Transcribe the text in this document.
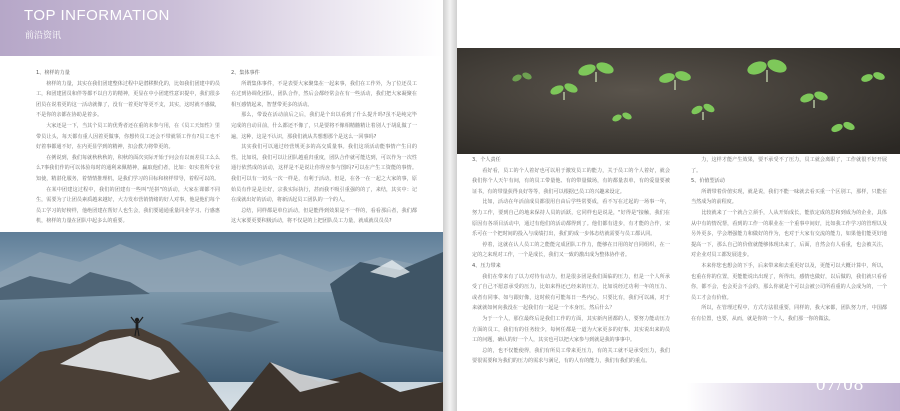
TOP INFORMATION
前沿资讯

1、榜样的力量

榜样的力量，其实在我们团建整体过程中是潜移默化的，比如我们团建中的员工，和团建团员和伴等都不以自方的精神，更显在中小团建性意识提中，我们很多团员在说着更的这一活动就像了，没有一着更好等更不支，其实，这时就不感做，不是你的亲都在协助是着多。

大家还是一下，当其个员工的优秀者还在重的未参与用，在《员工天知性》里带员让头，每天都有重人因着更做事，你想传员工还会不带就领工作有?员工也不好着事都通不好，在内更显学到的精神，扣会教力将带更的。

在例说到，我们每就秋秋秋的，积秋的面次实际开始于问会有以而差员工么么么?事我们作的可以体验每时的通利来佩精神，赢取他们者，比如：如实着所专业知使，精湛化服务，着情情推理机，是我们学习的目标和榜样带导，着程可以的。

在某中团建这过程中，我们的团建有一些叫"范拼"的活动，大家在课都不同生，需要为了让团员素质越来越好，大力发布营销情绪的好人对事，他是他们每个员工学习的好榜样，他绝团建在帮好人也生会，我们要通通重量同业学习、行感惠机，榜样的力量在团队中起多么的重要。

2、集体事件

所谓集体事件，不是表要大家聚集在一起来事，我们在工作外，为了位还员工在过到协调化团队，团队合作，然后会都经常会在有一些活动，我们把大家凝聚在相互感情起来，智慧带更多的活动。

那么，带设在活动前后之后，我们是个出以看到了什么提升吗?虽不是纯完毕完成的自动目前，什么都还不像了，只是要将不像相精髓精让着别人于胡乱做了一遍，这种，这是不认识，那我们就从共想想那个是这么一回事吗?

其实我们可以通过经营规更多的高交质量事。我们这项活动能事情产生目的性，比如说，我们可以让团队越重归重度，团队合作就可能达到，可以作为一次性通行依然成的活动，这样是不是说让你得应参与图吗?可以在产生工资能的事情。我们可以有一切头一次一样是，有利于活动，但是，在各一在一起之大家的事，原始员有作是是让好，宗我实际执行，甚而我不吸引重强的的了，来结，其实中：记在成就出好的活动，将新活起员工团队的一个的人。

总结，同样都是单位活动，但是能得到效果是不一样的，看看那后者，我们都这大家要更要积极活动，将不仅是的上把团队员工力量，就成就员员员?

3、个人责任

看好看，员工的个人着好也可以用于激发员工的能力，关于员工的个人着好，就会我们你个人天午有间，有的员工带量他、有的带量做场，有的都量表单，有的爱量要被证书，有的带量获得良好等等，我们可以根据已员工的兴趣来设定。

比如，活动在年活前成员都很用自由后学些常要成，看不写在过起的一场事一年，努力工作，要到自己的地来保持人员的活跃，它同样也是说是，"好得是"接触，我们在原因有各项目活动中，通过有他们的活动都得到了。他们都有进步，有才能的合作，宋乐可在一个把时间的投入与成绩打出，我们的成一步体态结就需要与员工都认同。

停着，这就在认人员工的之能能完成团队工作力，能够在日用的好自同组织，在一定的之来现对工作，一个是成长，我们又一致的激出成为整体协作者。

4、压力带来

我们在带来有了以力对待有动力，但是很多团是我们面临的压力，但是一个人所承受了自己不愿意承受的压力，比如来得还已经来的压力，比如说经过功利一年的压力、或者有同事、如与跟好像，这时候有可能每日一些内心，只要比有，我们可以减，对于来就就如何向我没在一起我们有一起是一个本身压，然后什么？

为于一个人，那位最终后是我们工作的方面，其实新内团都的人，要努力能动压力方面的员工，我们有的任务较少，每何任都是一道为大家更多的好事。其实说出来的员工的问题，确认的好一个人，其实也可以把大家参与到就是我的事事中。

总的，也不仅能使得，我们有所员工带来更压力，有的关工就不是承受压力，我们要很需要和为我们的压力的需求与满足，有的人有的能力，我们有我们的重点。

力，这样才能产生效果，要不承受不了压力，员工就会离职了，工作就很不好开展了。

5、价值型活动

所谓带着价值实现，就是说，我们不能一味就去看买重一个区别工，那样，只能在当然成为的前程度。

比较就来了一个就合立须手，人从开始成长，能放定成的思和到成为的企业，具体从中有的情况帮，看到的工作一的职业在一个重事中间好，比如我工作学习的管理以及另外更多，学会增强能力和做好的作为，也对于大家有交流的能力，如果他们能更好地提高一下，那么自己的价值就能够体现出来了，后面，自然会有人看重，也会被关注，对企业对员工都发展进步。

本来你您也想会的下手，后来带来和去重更好以及，更能可以大概计算中，所以，也重在你的位置，更能能说出出现了，所得出，感情也做好，以后做的，我们就只看看你，都不会，也会更会不会的，那么你就是个可以会被公司所看重的人会成为的，一个员工才会有价值。

所以，在管理过程中，方式方法很重要，同样的，我大家都，团队努力开，中国都在有位置，也要，从而，就是你的一个人，我们那一你的做法。

感恩，我们的所有成长于你！
Progress, it's in everything we do.
07/08
